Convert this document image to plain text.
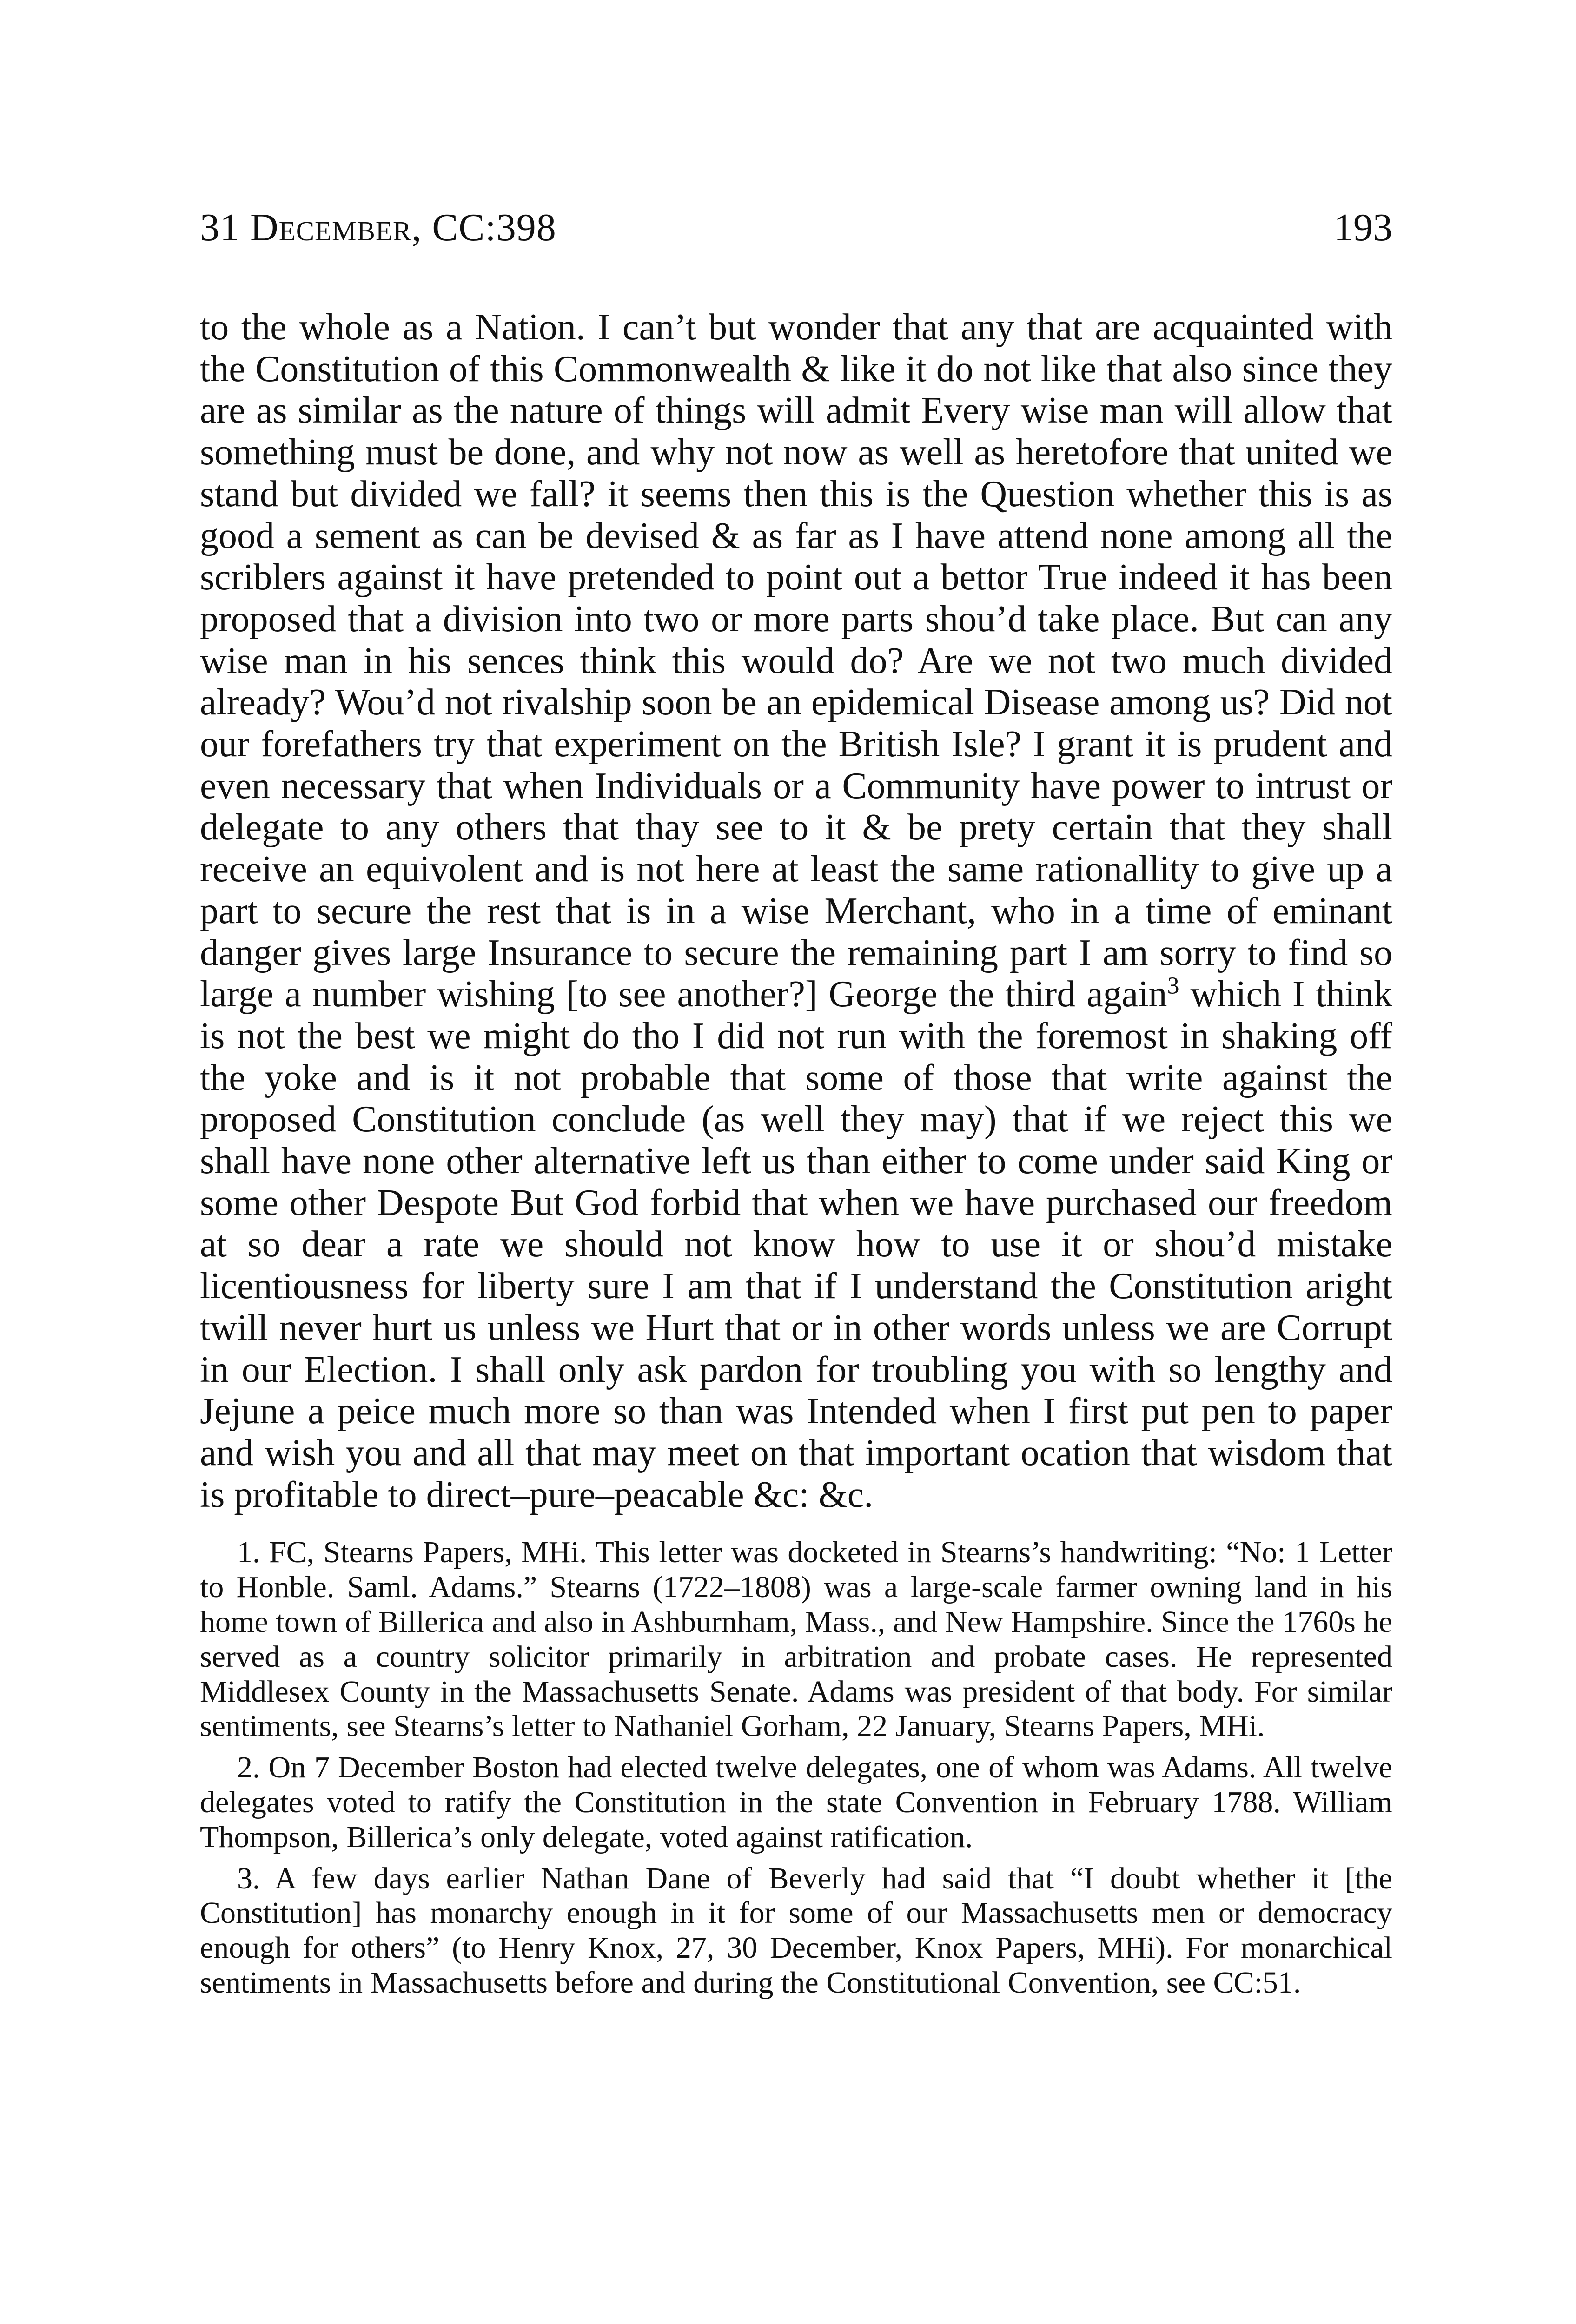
31 December, CC:398	193

to the whole as a Nation. I can’t but wonder that any that are acquainted with the Constitution of this Commonwealth & like it do not like that also since they are as similar as the nature of things will admit Every wise man will allow that something must be done, and why not now as well as heretofore that united we stand but divided we fall? it seems then this is the Question whether this is as good a sement as can be devised & as far as I have attend none among all the scriblers against it have pretended to point out a bettor True indeed it has been proposed that a division into two or more parts shou’d take place. But can any wise man in his sences think this would do? Are we not two much divided already? Wou’d not rivalship soon be an epidemical Disease among us? Did not our forefathers try that experiment on the British Isle? I grant it is prudent and even necessary that when Individuals or a Community have power to intrust or delegate to any others that thay see to it & be prety certain that they shall receive an equivolent and is not here at least the same rationallity to give up a part to secure the rest that is in a wise Merchant, who in a time of eminant danger gives large Insurance to secure the remaining part I am sorry to find so large a number wishing [to see another?] George the third again$^3$ which I think is not the best we might do tho I did not run with the foremost in shaking off the yoke and is it not probable that some of those that write against the proposed Constitution conclude (as well they may) that if we reject this we shall have none other alternative left us than either to come under said King or some other Despote But God forbid that when we have purchased our freedom at so dear a rate we should not know how to use it or shou’d mistake licentiousness for liberty sure I am that if I understand the Constitution aright twill never hurt us unless we Hurt that or in other words unless we are Corrupt in our Election. I shall only ask pardon for troubling you with so lengthy and Jejune a peice much more so than was Intended when I first put pen to paper and wish you and all that may meet on that important ocation that wisdom that is profitable to direct–pure–peacable &c: &c.

1. FC, Stearns Papers, MHi. This letter was docketed in Stearns’s handwriting: “No: 1 Letter to Honble. Saml. Adams.” Stearns (1722–1808) was a large-scale farmer owning land in his home town of Billerica and also in Ashburnham, Mass., and New Hampshire. Since the 1760s he served as a country solicitor primarily in arbitration and probate cases. He represented Middlesex County in the Massachusetts Senate. Adams was president of that body. For similar sentiments, see Stearns’s letter to Nathaniel Gorham, 22 January, Stearns Papers, MHi.

2. On 7 December Boston had elected twelve delegates, one of whom was Adams. All twelve delegates voted to ratify the Constitution in the state Convention in February 1788. William Thompson, Billerica’s only delegate, voted against ratification.

3. A few days earlier Nathan Dane of Beverly had said that “I doubt whether it [the Constitution] has monarchy enough in it for some of our Massachusetts men or democracy enough for others” (to Henry Knox, 27, 30 December, Knox Papers, MHi). For monarchical sentiments in Massachusetts before and during the Constitutional Convention, see CC:51.
